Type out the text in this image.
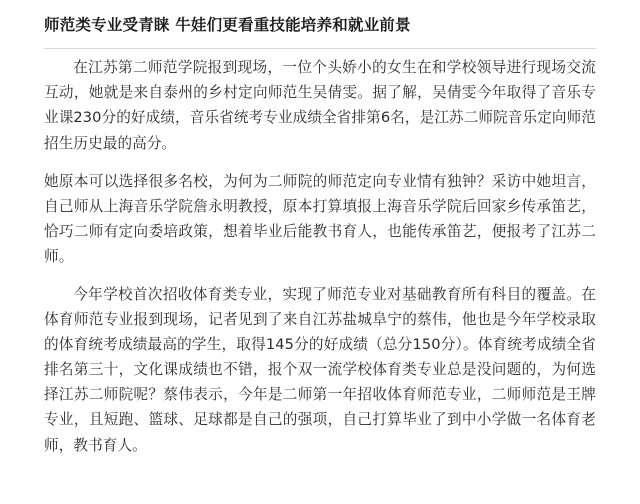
师范类专业受青睐 牛娃们更看重技能培养和就业前景

在江苏第二师范学院报到现场，一位个头娇小的女生在和学校领导进行现场交流互动，她就是来自泰州的乡村定向师范生吴倩雯。据了解，吴倩雯今年取得了音乐专业课230分的好成绩，音乐省统考专业成绩全省排第6名，是江苏二师院音乐定向师范招生历史最的高分。

她原本可以选择很多名校，为何为二师院的师范定向专业情有独钟？采访中她坦言，自己师从上海音乐学院詹永明教授，原本打算填报上海音乐学院后回家乡传承笛艺，恰巧二师有定向委培政策，想着毕业后能教书育人，也能传承笛艺，便报考了江苏二师。

今年学校首次招收体育类专业，实现了师范专业对基础教育所有科目的覆盖。在体育师范专业报到现场，记者见到了来自江苏盐城阜宁的蔡伟，他也是今年学校录取的体育统考成绩最高的学生，取得145分的好成绩（总分150分）。体育统考成绩全省排名第三十，文化课成绩也不错，报个双一流学校体育类专业总是没问题的，为何选择江苏二师院呢？蔡伟表示，今年是二师第一年招收体育师范专业，二师师范是王牌专业，且短跑、篮球、足球都是自己的强项，自己打算毕业了到中小学做一名体育老师，教书育人。
